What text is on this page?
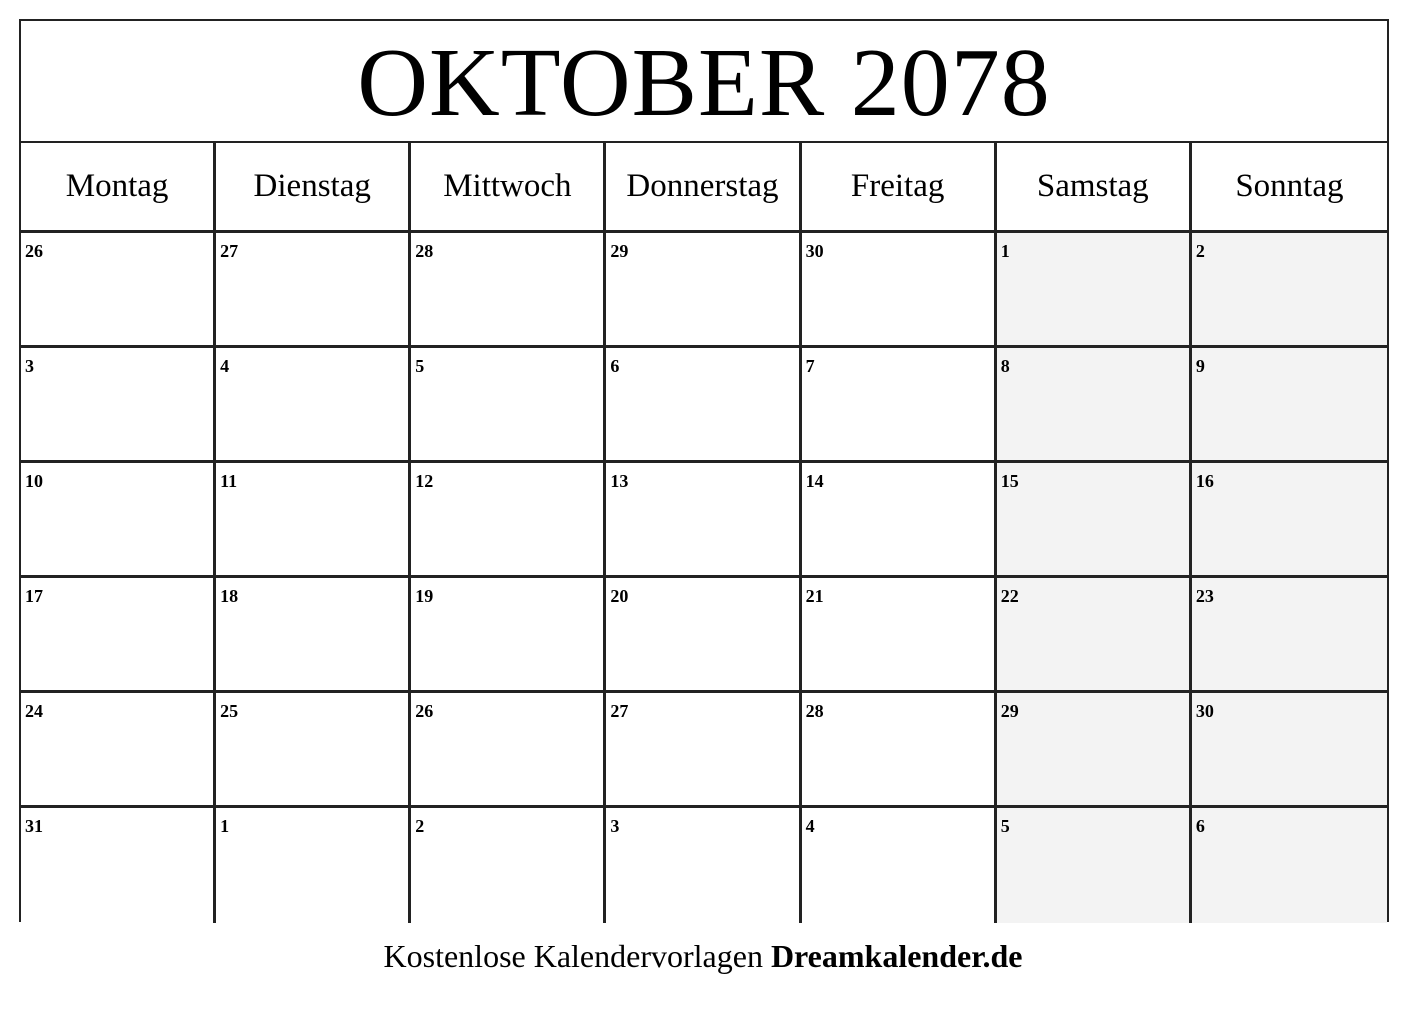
OKTOBER 2078
Montag	Dienstag	Mittwoch	Donnerstag	Freitag	Samstag	Sonntag
26	27	28	29	30	1	2
3	4	5	6	7	8	9
10	11	12	13	14	15	16
17	18	19	20	21	22	23
24	25	26	27	28	29	30
31	1	2	3	4	5	6
Kostenlose Kalendervorlagen Dreamkalender.de
